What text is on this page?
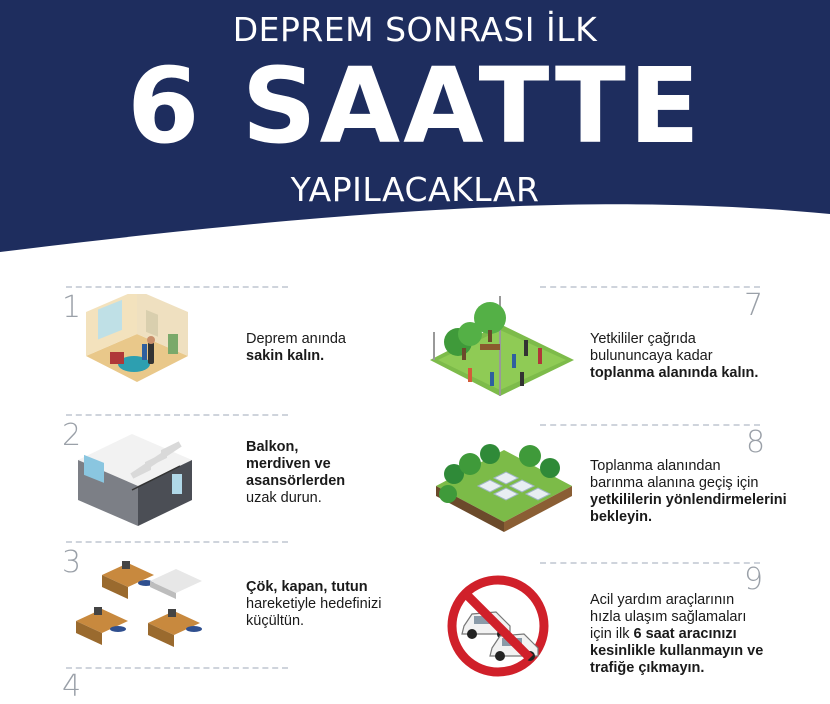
DEPREM SONRASI İLK
6 SAATTE
YAPILACAKLAR
1
Deprem anında
sakin kalın.
2	Balkon,
merdiven ve
asansörlerden
uzak durun.
3
Çök, kapan, tutun
hareketiyle hedefinizi
küçültün.
4
7
Yetkililer çağrıda
bulununcaya kadar
toplanma alanında kalın.
8
Toplanma alanından
barınma alanına geçiş için
yetkililerin yönlendirmelerini
bekleyin.
9
Acil yardım araçlarının
hızla ulaşım sağlamaları
için ilk 6 saat aracınızı
kesinlikle kullanmayın ve
trafiğe çıkmayın.
